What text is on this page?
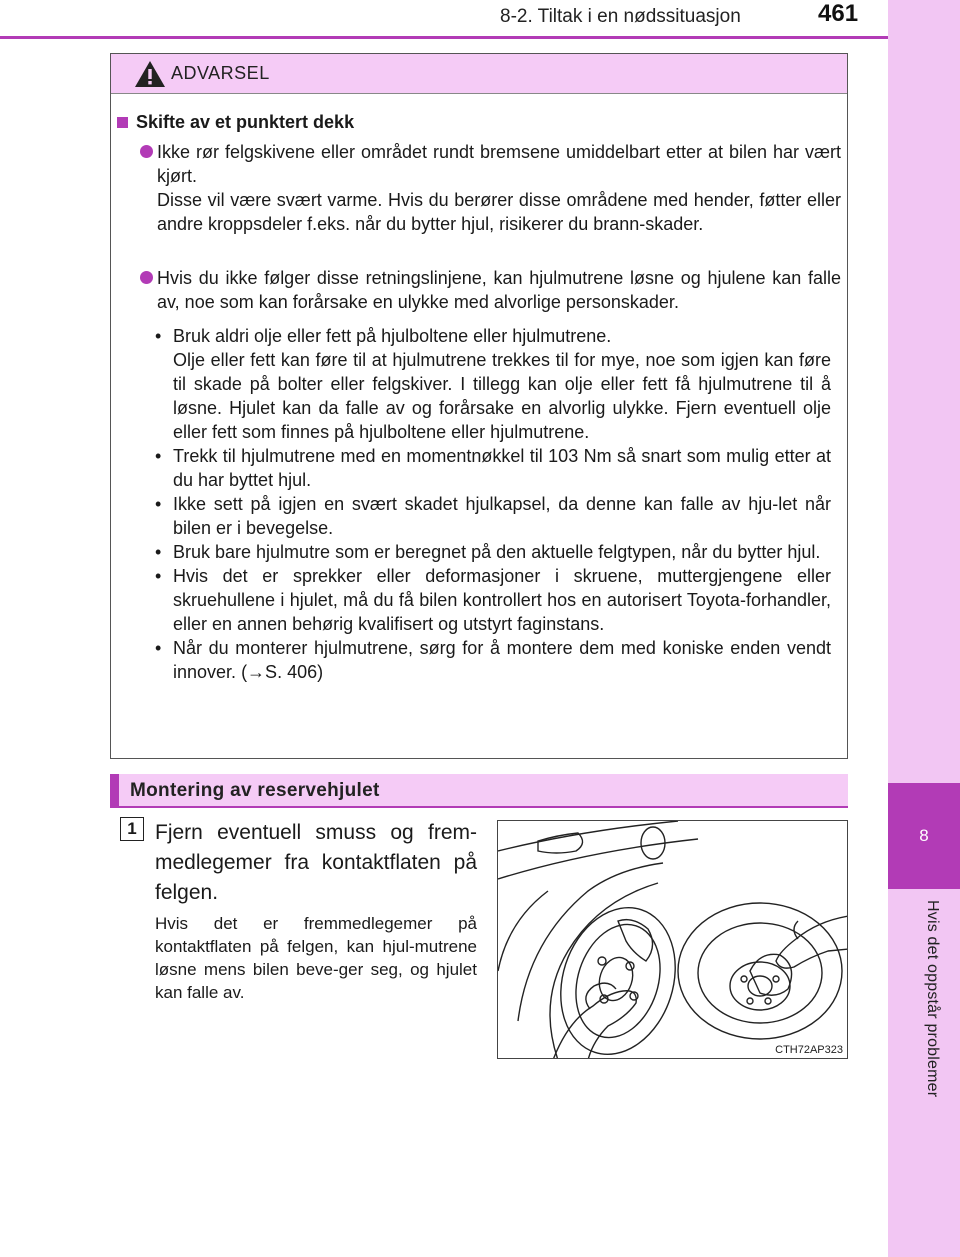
8-2. Tiltak i en nødssituasjon	461
8
Hvis det oppstår problemer
ADVARSEL
Skifte av et punktert dekk
Ikke rør felgskivene eller området rundt bremsene umiddelbart etter at bilen har vært kjørt.
Disse vil være svært varme. Hvis du berører disse områdene med hender, føtter eller andre kroppsdeler f.eks. når du bytter hjul, risikerer du brann-skader.
Hvis du ikke følger disse retningslinjene, kan hjulmutrene løsne og hjulene kan falle av, noe som kan forårsake en ulykke med alvorlige personskader.
• Bruk aldri olje eller fett på hjulboltene eller hjulmutrene.
Olje eller fett kan føre til at hjulmutrene trekkes til for mye, noe som igjen kan føre til skade på bolter eller felgskiver. I tillegg kan olje eller fett få hjulmutrene til å løsne. Hjulet kan da falle av og forårsake en alvorlig ulykke. Fjern eventuell olje eller fett som finnes på hjulboltene eller hjulmutrene.
• Trekk til hjulmutrene med en momentnøkkel til 103 Nm så snart som mulig etter at du har byttet hjul.
• Ikke sett på igjen en svært skadet hjulkapsel, da denne kan falle av hju-let når bilen er i bevegelse.
• Bruk bare hjulmutre som er beregnet på den aktuelle felgtypen, når du bytter hjul.
• Hvis det er sprekker eller deformasjoner i skruene, muttergjengene eller skruehullene i hjulet, må du få bilen kontrollert hos en autorisert Toyota-forhandler, eller en annen behørig kvalifisert og utstyrt faginstans.
• Når du monterer hjulmutrene, sørg for å montere dem med koniske enden vendt innover. (→S. 406)
Montering av reservehjulet
1 Fjern eventuell smuss og frem-medlegemer fra kontaktflaten på felgen.
Hvis det er fremmedlegemer på kontaktflaten på felgen, kan hjul-mutrene løsne mens bilen beve-ger seg, og hjulet kan falle av.
CTH72AP323
